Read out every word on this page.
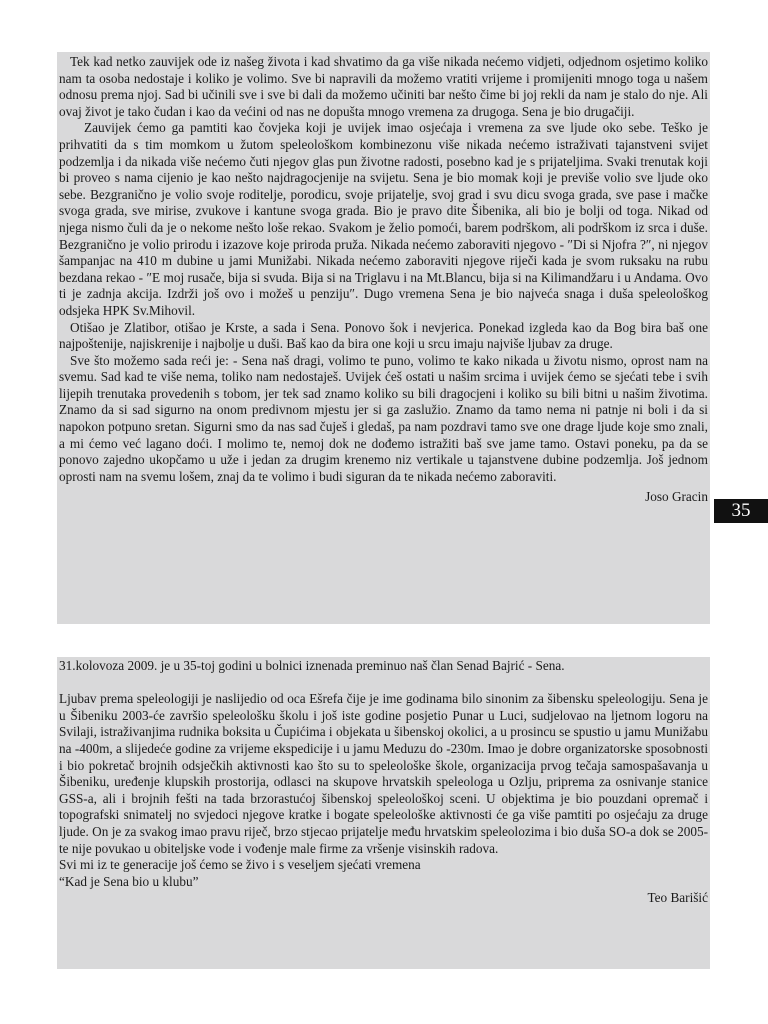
Tek kad netko zauvijek ode iz našeg života i kad shvatimo da ga više nikada nećemo vidjeti, odjednom osjetimo koliko nam ta osoba nedostaje i koliko je volimo. Sve bi napravili da možemo vratiti vrijeme i promijeniti mnogo toga u našem odnosu prema njoj. Sad bi učinili sve i sve bi dali da možemo učiniti bar nešto čime bi joj rekli da nam je stalo do nje. Ali ovaj život je tako čudan i kao da većini od nas ne dopušta mnogo vremena za drugoga. Sena je bio drugačiji.

Zauvijek ćemo ga pamtiti kao čovjeka koji je uvijek imao osjećaja i vremena za sve ljude oko sebe. Teško je prihvatiti da s tim momkom u žutom speleološkom kombinezonu više nikada nećemo istraživati tajanstveni svijet podzemlja i da nikada više nećemo čuti njegov glas pun životne radosti, posebno kad je s prijateljima. Svaki trenutak koji bi proveo s nama cijenio je kao nešto najdragocjenije na svijetu. Sena je bio momak koji je previše volio sve ljude oko sebe. Bezgranično je volio svoje roditelje, porodicu, svoje prijatelje, svoj grad i svu dicu svoga grada, sve pase i mačke svoga grada, sve mirise, zvukove i kantune svoga grada. Bio je pravo dite Šibenika, ali bio je bolji od toga. Nikad od njega nismo čuli da je o nekome nešto loše rekao. Svakom je želio pomoći, barem podrškom, ali podrškom iz srca i duše. Bezgranično je volio prirodu i izazove koje priroda pruža. Nikada nećemo zaboraviti njegovo - ″Di si Njofra ?″, ni njegov šampanjac na 410 m dubine u jami Munižabi. Nikada nećemo zaboraviti njegove riječi kada je svom ruksaku na rubu bezdana rekao - ″E moj rusače, bija si svuda. Bija si na Triglavu i na Mt.Blancu, bija si na Kilimandžaru i u Andama. Ovo ti je zadnja akcija. Izdrži još ovo i možeš u penziju″. Dugo vremena Sena je bio najveća snaga i duša speleološkog odsjeka HPK Sv.Mihovil.

Otišao je Zlatibor, otišao je Krste, a sada i Sena. Ponovo šok i nevjerica. Ponekad izgleda kao da Bog bira baš one najpoštenije, najiskrenije i najbolje u duši. Baš kao da bira one koji u srcu imaju najviše ljubav za druge.

Sve što možemo sada reći je: - Sena naš dragi, volimo te puno, volimo te kako nikada u životu nismo, oprost nam na svemu. Sad kad te više nema, toliko nam nedostaješ. Uvijek ćeš ostati u našim srcima i uvijek ćemo se sjećati tebe i svih lijepih trenutaka provedenih s tobom, jer tek sad znamo koliko su bili dragocjeni i koliko su bili bitni u našim životima. Znamo da si sad sigurno na onom predivnom mjestu jer si ga zaslužio. Znamo da tamo nema ni patnje ni boli i da si napokon potpuno sretan. Sigurni smo da nas sad čuješ i gledaš, pa nam pozdravi tamo sve one drage ljude koje smo znali, a mi ćemo već lagano doći. I molimo te, nemoj dok ne dođemo istražiti baš sve jame tamo. Ostavi poneku, pa da se ponovo zajedno ukopčamo u uže i jedan za drugim krenemo niz vertikale u tajanstvene dubine podzemlja. Još jednom oprosti nam na svemu lošem, znaj da te volimo i budi siguran da te nikada nećemo zaboraviti.

Joso Gracin

35

31.kolovoza 2009. je u 35-toj godini u bolnici iznenada preminuo naš član Senad Bajrić - Sena.

Ljubav prema speleologiji je naslijedio od oca Ešrefa čije je ime godinama bilo sinonim za šibensku speleologiju. Sena je u Šibeniku 2003-će završio speleološku školu i još iste godine posjetio Punar u Luci, sudjelovao na ljetnom logoru na Svilaji, istraživanjima rudnika boksita u Čupićima i objekata u šibenskoj okolici, a u prosincu se spustio u jamu Munižabu na -400m, a slijedeće godine za vrijeme ekspedicije i u jamu Meduzu do -230m. Imao je dobre organizatorske sposobnosti i bio pokretač brojnih odsječkih aktivnosti kao što su to speleološke škole, organizacija prvog tečaja samospašavanja u Šibeniku, uređenje klupskih prostorija, odlasci na skupove hrvatskih speleologa u Ozlju, pripremа za osnivanje stanice GSS-a, ali i brojnih fešti na tada brzorastućoj šibenskoj speleološkoj sceni. U objektima je bio pouzdani opremač i topografski snimatelj no svjedoci njegove kratke i bogate speleološke aktivnosti će ga više pamtiti po osjećaju za druge ljude. On je za svakog imao pravu riječ, brzo stjecao prijatelje među hrvatskim speleolozima i bio duša SO-a dok se 2005-te nije povukao u obiteljske vode i vođenje male firme za vršenje visinskih radova.

Svi mi iz te generacije još ćemo se živo i s veseljem sjećati vremena

“Kad je Sena bio u klubu”

Teo Barišić
